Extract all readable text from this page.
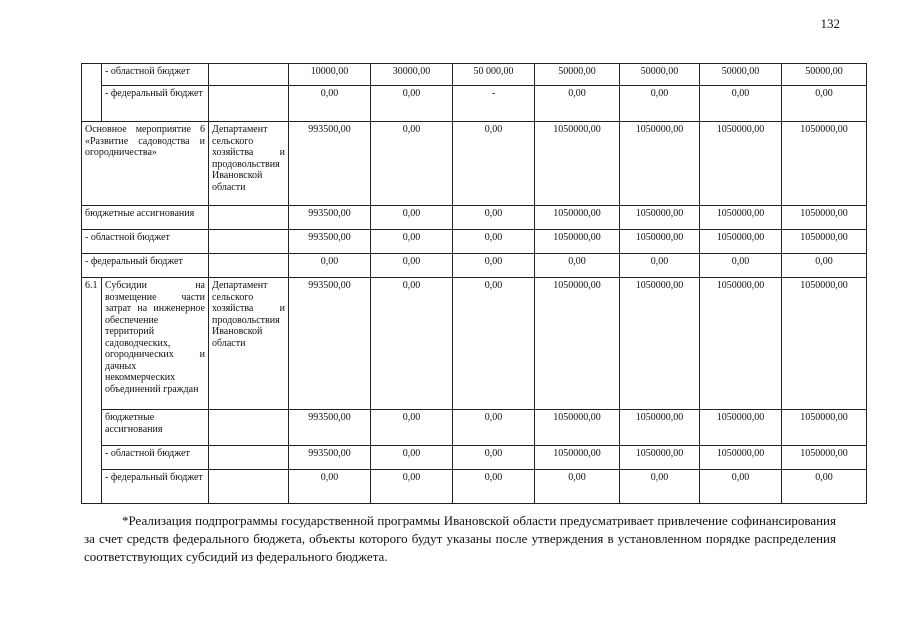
132
	- областной бюджет		10000,00	30000,00	50 000,00	50000,00	50000,00	50000,00	50000,00
	- федеральный бюджет		0,00	0,00	-	0,00	0,00	0,00	0,00
Основное мероприятие 6 «Развитие садоводства и огородничества»		Департамент сельского хозяйства и продовольствия Ивановской области	993500,00	0,00	0,00	1050000,00	1050000,00	1050000,00	1050000,00
бюджетные ассигнования			993500,00	0,00	0,00	1050000,00	1050000,00	1050000,00	1050000,00
- областной бюджет			993500,00	0,00	0,00	1050000,00	1050000,00	1050000,00	1050000,00
- федеральный бюджет			0,00	0,00	0,00	0,00	0,00	0,00	0,00
6.1	Субсидии на возмещение части затрат на инженерное обеспечение территорий садоводческих, огороднических и дачных некоммерческих объединений граждан	Департамент сельского хозяйства и продовольствия Ивановской области	993500,00	0,00	0,00	1050000,00	1050000,00	1050000,00	1050000,00
	бюджетные ассигнования		993500,00	0,00	0,00	1050000,00	1050000,00	1050000,00	1050000,00
	- областной бюджет		993500,00	0,00	0,00	1050000,00	1050000,00	1050000,00	1050000,00
	- федеральный бюджет		0,00	0,00	0,00	0,00	0,00	0,00	0,00
*Реализация подпрограммы государственной программы Ивановской области предусматривает привлечение софинансирования за счет средств федерального бюджета, объекты которого будут указаны после утверждения в установленном порядке распределения соответствующих субсидий из федерального бюджета.
